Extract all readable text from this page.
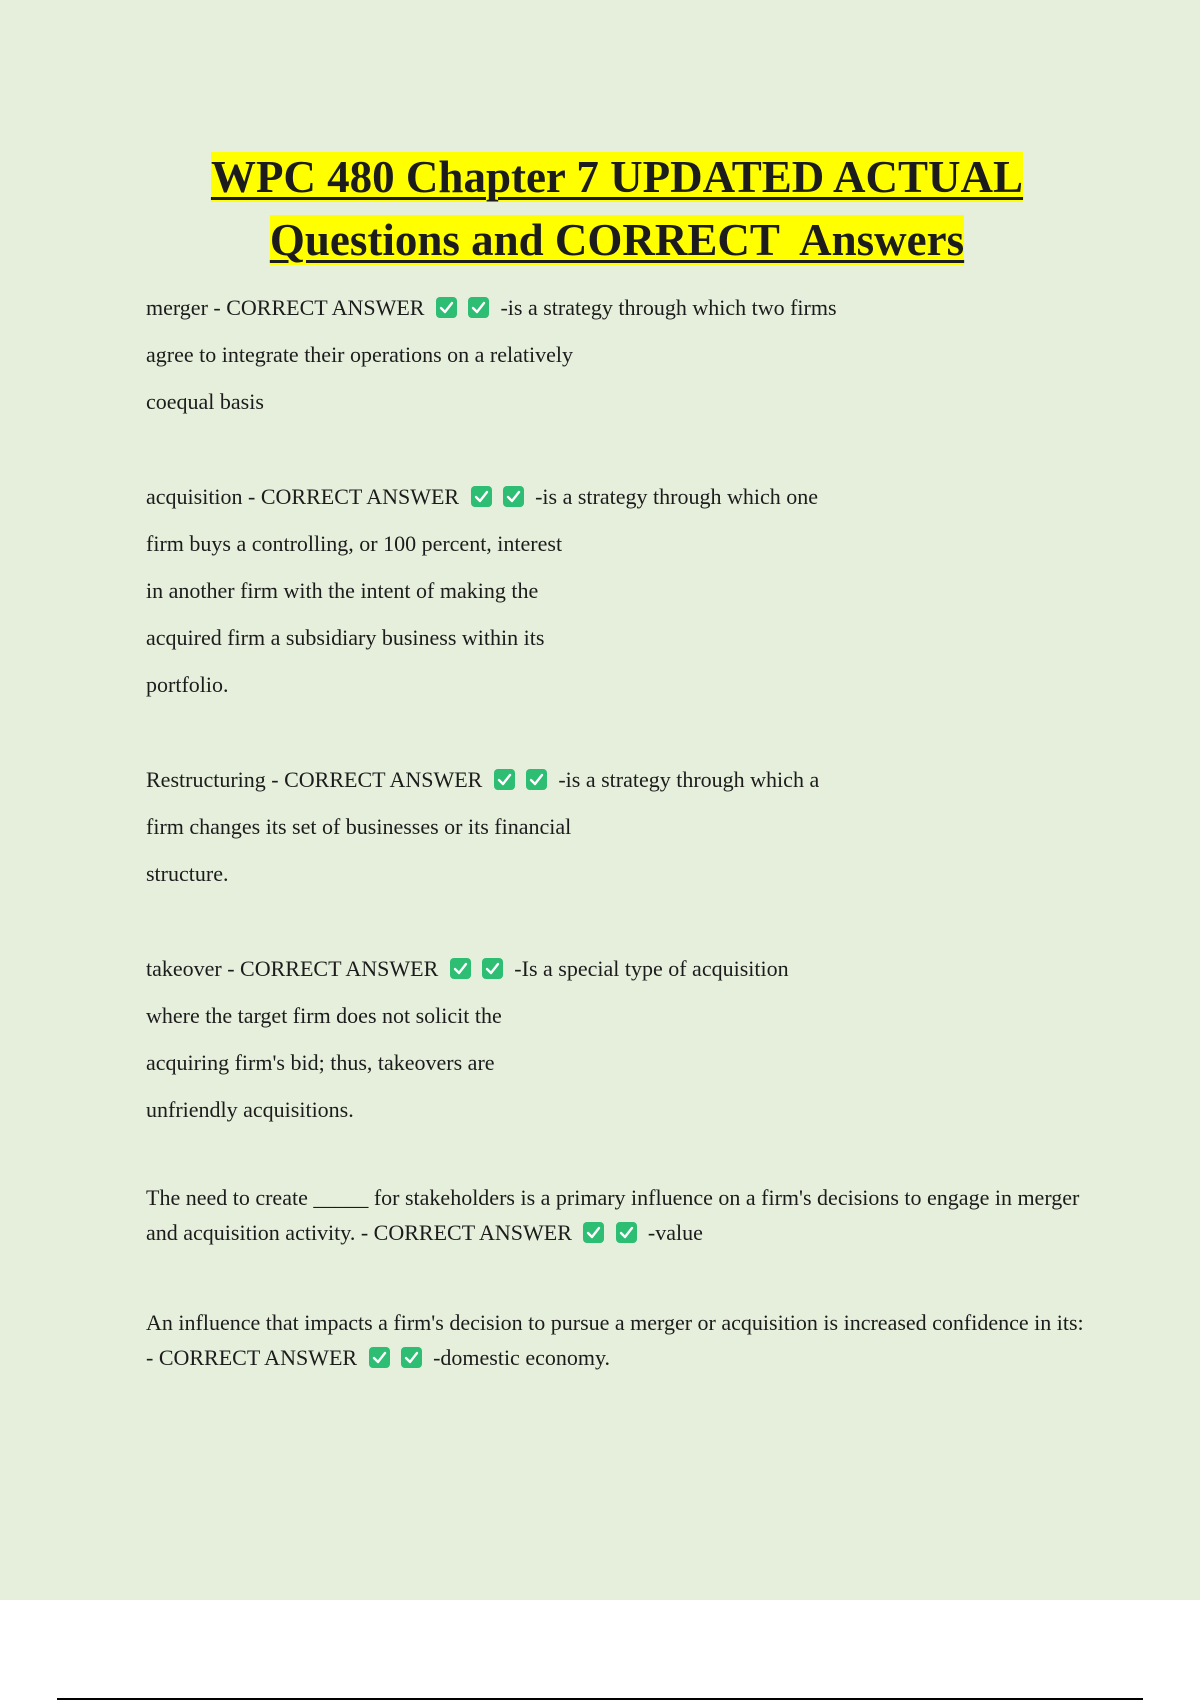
WPC 480 Chapter 7 UPDATED ACTUAL
Questions and CORRECT  Answers
merger - CORRECT ANSWER
	-is a strategy through which two firms
agree to integrate their operations on a relatively
coequal basis
acquisition - CORRECT ANSWER
	-is a strategy through which one
firm buys a controlling, or 100 percent, interest
in another firm with the intent of making the
acquired firm a subsidiary business within its
portfolio.
Restructuring - CORRECT ANSWER
	-is a strategy through which a
firm changes its set of businesses or its financial
structure.
takeover - CORRECT ANSWER
	-Is a special type of acquisition
where the target firm does not solicit the
acquiring firm's bid; thus, takeovers are
unfriendly acquisitions.
The need to create _____ for stakeholders is a primary influence on a firm's decisions to engage in merger and acquisition activity. - CORRECT ANSWER
	-value
An influence that impacts a firm's decision to pursue a merger or acquisition is increased confidence in its: - CORRECT ANSWER
	-domestic economy.
